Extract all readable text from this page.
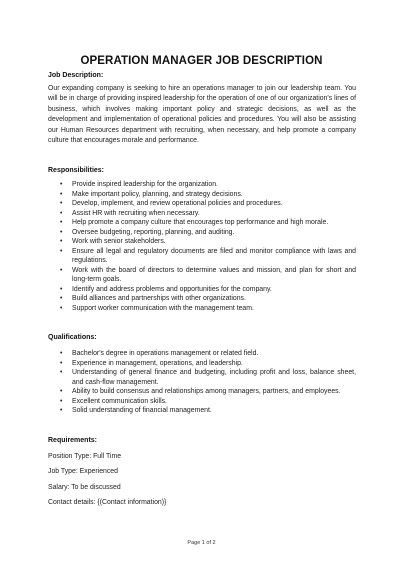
OPERATION MANAGER JOB DESCRIPTION
Job Description:

Our expanding company is seeking to hire an operations manager to join our leadership team. You will be in charge of providing inspired leadership for the operation of one of our organization's lines of business, which involves making important policy and strategic decisions, as well as the development and implementation of operational policies and procedures. You will also be assisting our Human Resources department with recruiting, when necessary, and help promote a company culture that encourages morale and performance.

Responsibilities:
• Provide inspired leadership for the organization.
• Make important policy, planning, and strategy decisions.
• Develop, implement, and review operational policies and procedures.
• Assist HR with recruiting when necessary.
• Help promote a company culture that encourages top performance and high morale.
• Oversee budgeting, reporting, planning, and auditing.
• Work with senior stakeholders.
• Ensure all legal and regulatory documents are filed and monitor compliance with laws and regulations.
• Work with the board of directors to determine values and mission, and plan for short and long-term goals.
• Identify and address problems and opportunities for the company.
• Build alliances and partnerships with other organizations.
• Support worker communication with the management team.
Qualifications:
• Bachelor's degree in operations management or related field.
• Experience in management, operations, and leadership.
• Understanding of general finance and budgeting, including profit and loss, balance sheet, and cash-flow management.
• Ability to build consensus and relationships among managers, partners, and employees.
• Excellent communication skills.
• Solid understanding of financial management.
Requirements:
Position Type: Full Time
Job Type: Experienced
Salary: To be discussed
Contact details: {(Contact information)}
Page 1 of 2
